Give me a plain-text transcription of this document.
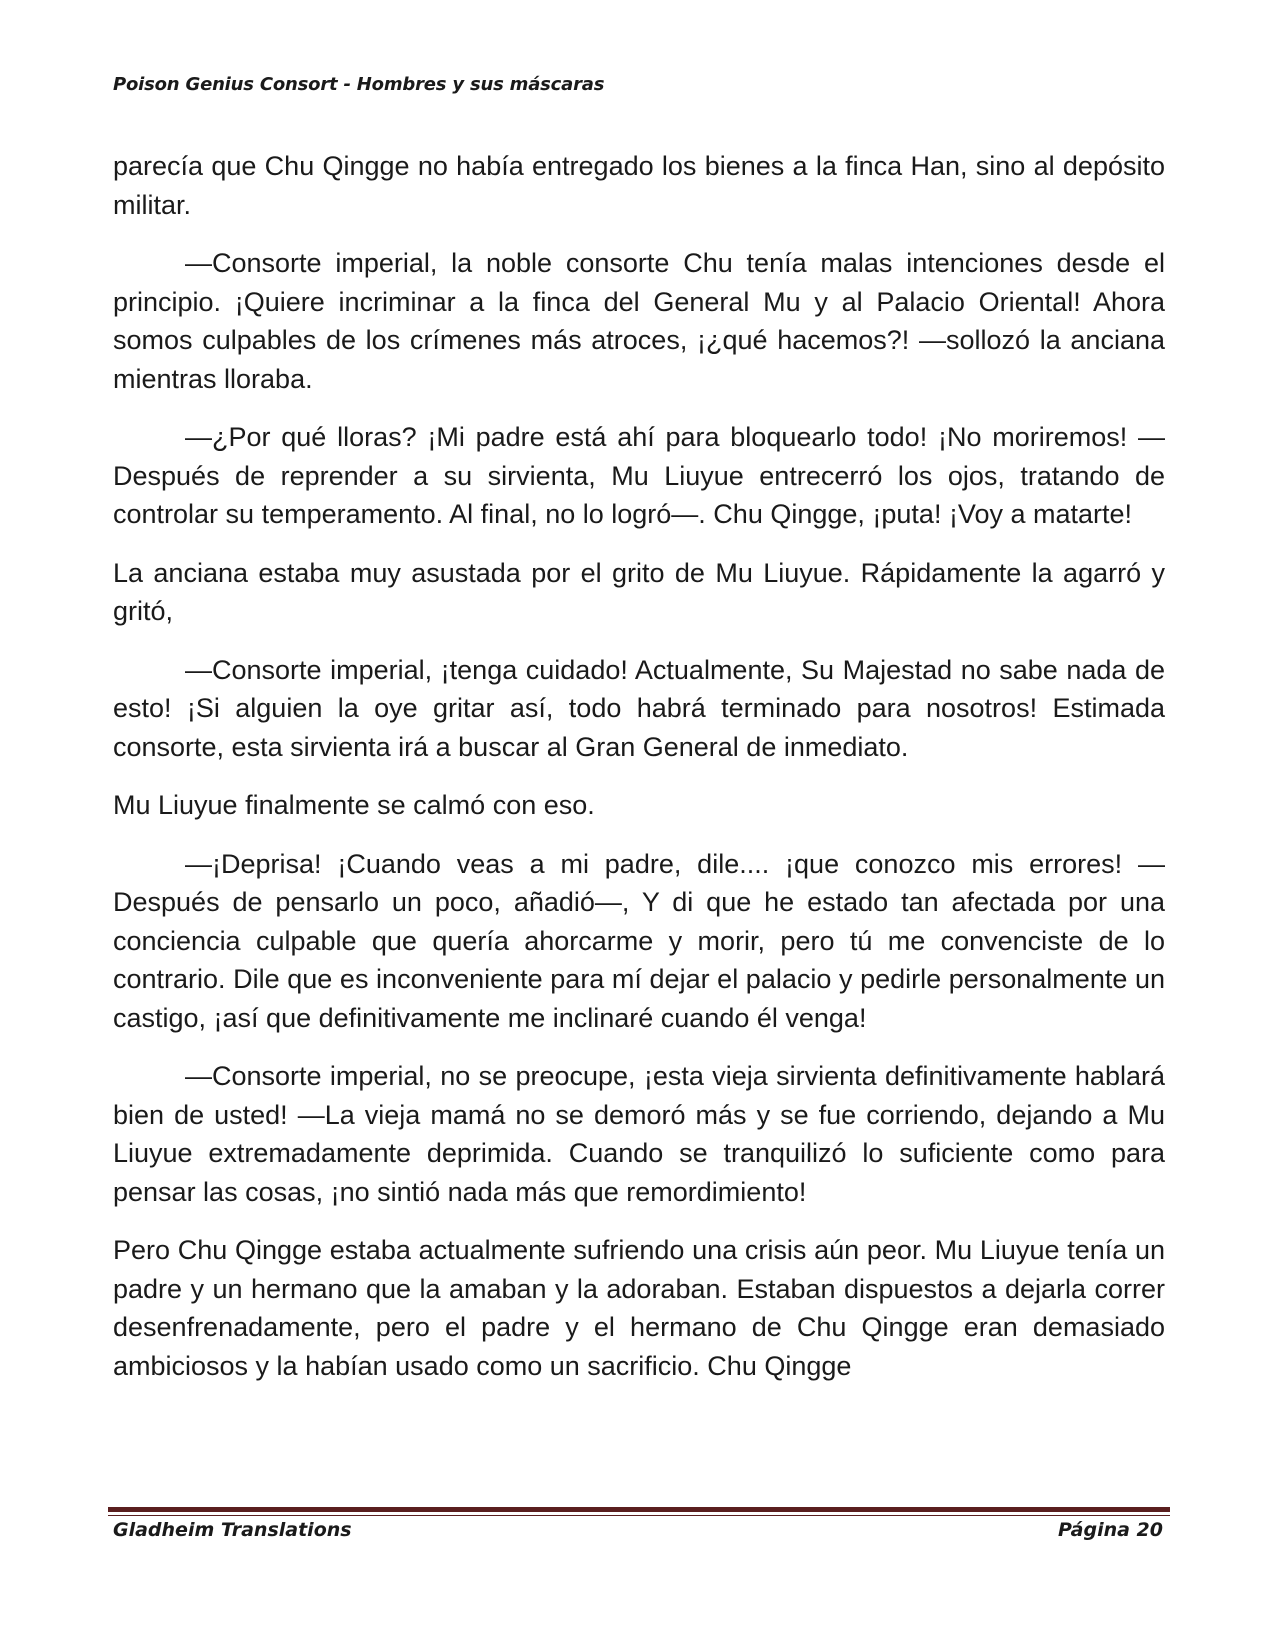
Poison Genius Consort - Hombres y sus máscaras

parecía que Chu Qingge no había entregado los bienes a la finca Han, sino al depósito militar.

—Consorte imperial, la noble consorte Chu tenía malas intenciones desde el principio. ¡Quiere incriminar a la finca del General Mu y al Palacio Oriental! Ahora somos culpables de los crímenes más atroces, ¡¿qué hacemos?! —sollozó la anciana mientras lloraba.

—¿Por qué lloras? ¡Mi padre está ahí para bloquearlo todo! ¡No moriremos! —Después de reprender a su sirvienta, Mu Liuyue entrecerró los ojos, tratando de controlar su temperamento. Al final, no lo logró—. Chu Qingge, ¡puta! ¡Voy a matarte!

La anciana estaba muy asustada por el grito de Mu Liuyue. Rápidamente la agarró y gritó,

—Consorte imperial, ¡tenga cuidado! Actualmente, Su Majestad no sabe nada de esto! ¡Si alguien la oye gritar así, todo habrá terminado para nosotros! Estimada consorte, esta sirvienta irá a buscar al Gran General de inmediato.

Mu Liuyue finalmente se calmó con eso.

—¡Deprisa! ¡Cuando veas a mi padre, dile.... ¡que conozco mis errores! —Después de pensarlo un poco, añadió—, Y di que he estado tan afectada por una conciencia culpable que quería ahorcarme y morir, pero tú me convenciste de lo contrario. Dile que es inconveniente para mí dejar el palacio y pedirle personalmente un castigo, ¡así que definitivamente me inclinaré cuando él venga!

—Consorte imperial, no se preocupe, ¡esta vieja sirvienta definitivamente hablará bien de usted! —La vieja mamá no se demoró más y se fue corriendo, dejando a Mu Liuyue extremadamente deprimida. Cuando se tranquilizó lo suficiente como para pensar las cosas, ¡no sintió nada más que remordimiento!

Pero Chu Qingge estaba actualmente sufriendo una crisis aún peor. Mu Liuyue tenía un padre y un hermano que la amaban y la adoraban. Estaban dispuestos a dejarla correr desenfrenadamente, pero el padre y el hermano de Chu Qingge eran demasiado ambiciosos y la habían usado como un sacrificio. Chu Qingge

Gladheim Translations	Página 20
